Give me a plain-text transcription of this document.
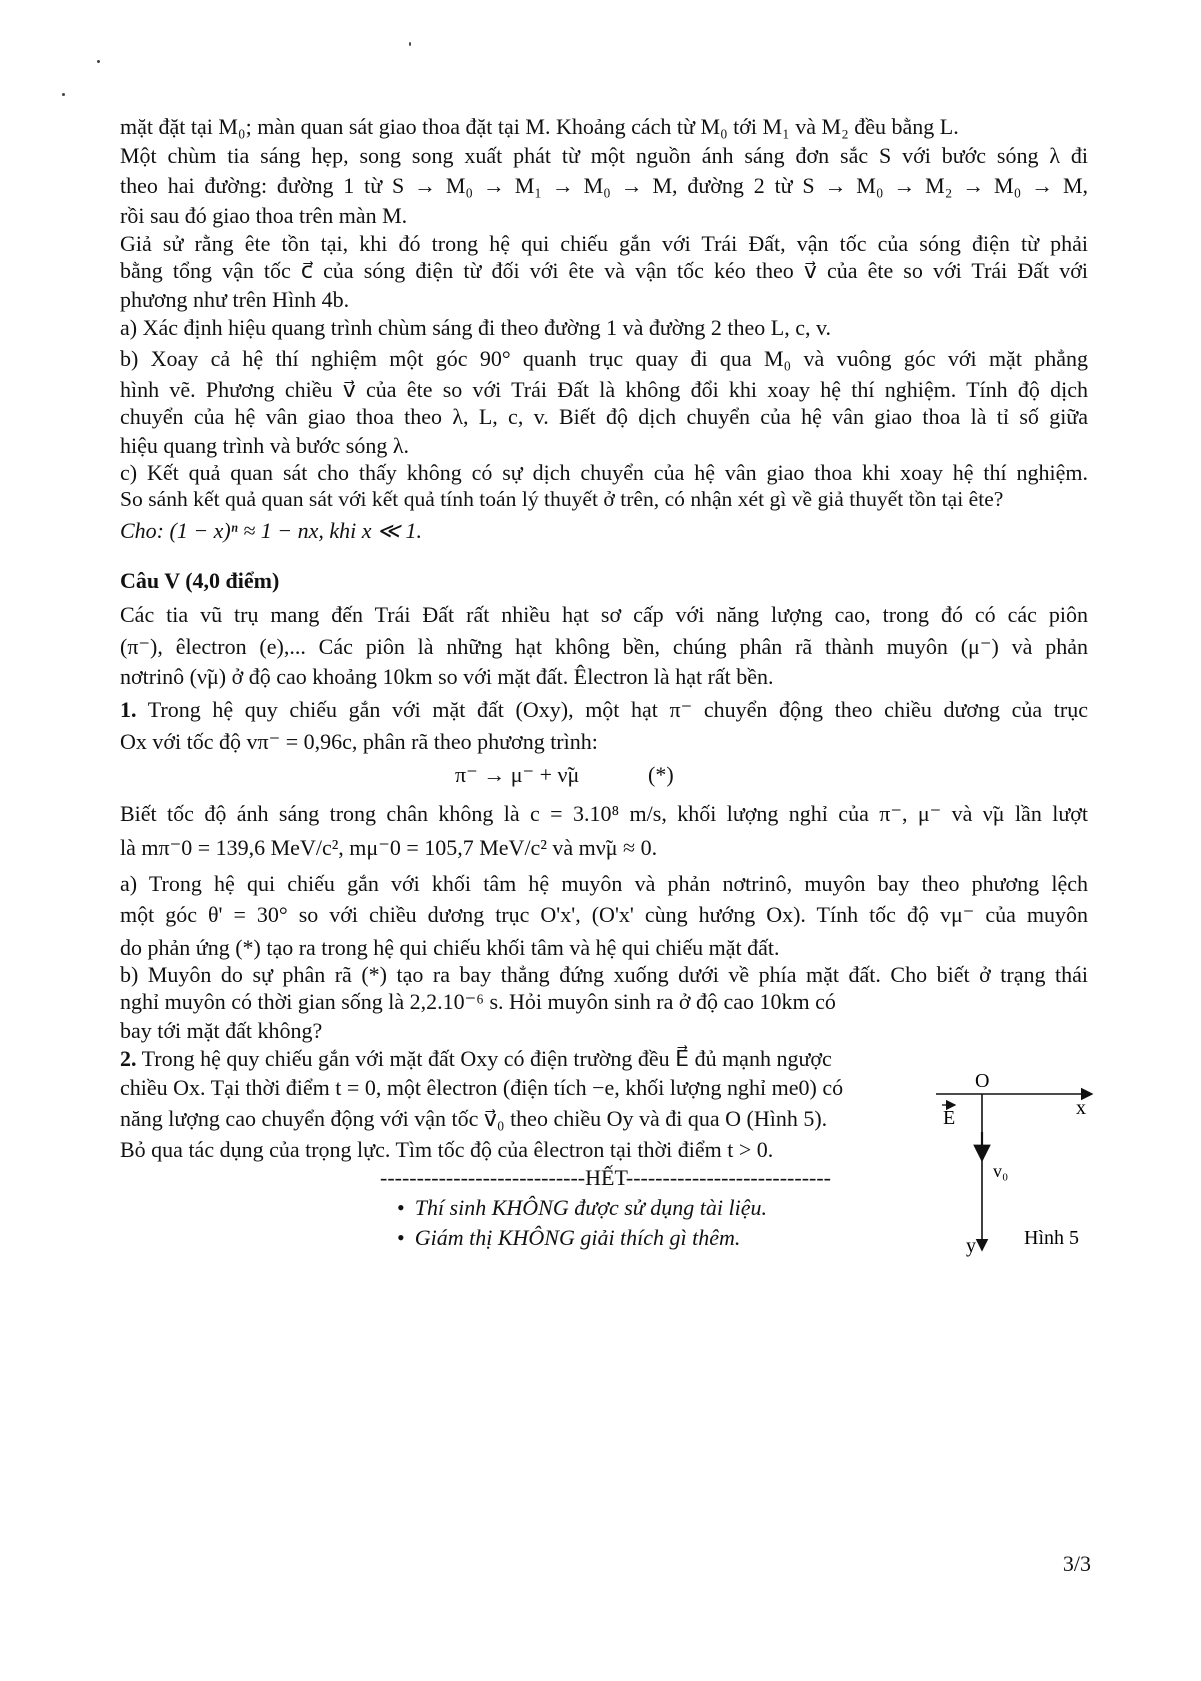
mặt đặt tại M₀; màn quan sát giao thoa đặt tại M. Khoảng cách từ M₀ tới M₁ và M₂ đều bằng L.
Một chùm tia sáng hẹp, song song xuất phát từ một nguồn ánh sáng đơn sắc S với bước sóng λ đi
theo hai đường: đường 1 từ S → M₀ → M₁ → M₀ → M, đường 2 từ S → M₀ → M₂ → M₀ → M,
rồi sau đó giao thoa trên màn M.
Giả sử rằng ête tồn tại, khi đó trong hệ qui chiếu gắn với Trái Đất, vận tốc của sóng điện từ phải
bằng tổng vận tốc c⃗ của sóng điện từ đối với ête và vận tốc kéo theo v⃗ của ête so với Trái Đất với
phương như trên Hình 4b.
a) Xác định hiệu quang trình chùm sáng đi theo đường 1 và đường 2 theo L, c, v.
b) Xoay cả hệ thí nghiệm một góc 90° quanh trục quay đi qua M₀ và vuông góc với mặt phẳng
hình vẽ. Phương chiều v⃗ của ête so với Trái Đất là không đổi khi xoay hệ thí nghiệm. Tính độ dịch
chuyển của hệ vân giao thoa theo λ, L, c, v. Biết độ dịch chuyển của hệ vân giao thoa là tỉ số giữa
hiệu quang trình và bước sóng λ.
c) Kết quả quan sát cho thấy không có sự dịch chuyển của hệ vân giao thoa khi xoay hệ thí nghiệm.
So sánh kết quả quan sát với kết quả tính toán lý thuyết ở trên, có nhận xét gì về giả thuyết tồn tại ête?
Cho: (1 − x)ⁿ ≈ 1 − nx, khi x ≪ 1.
Câu V (4,0 điểm)
Các tia vũ trụ mang đến Trái Đất rất nhiều hạt sơ cấp với năng lượng cao, trong đó có các piôn
(π⁻), êlectron (e),... Các piôn là những hạt không bền, chúng phân rã thành muyôn (μ⁻) và phản
nơtrinô (ν̃μ) ở độ cao khoảng 10km so với mặt đất. Êlectron là hạt rất bền.
1. Trong hệ quy chiếu gắn với mặt đất (Oxy), một hạt π⁻ chuyển động theo chiều dương của trục
Ox với tốc độ vπ⁻ = 0,96c, phân rã theo phương trình:
π⁻ → μ⁻ + ν̃μ	(*)
Biết tốc độ ánh sáng trong chân không là c = 3.10⁸ m/s, khối lượng nghỉ của π⁻, μ⁻ và ν̃μ lần lượt
là mπ⁻0 = 139,6 MeV/c², mμ⁻0 = 105,7 MeV/c² và mν̃μ ≈ 0.
a) Trong hệ qui chiếu gắn với khối tâm hệ muyôn và phản nơtrinô, muyôn bay theo phương lệch
một góc θ' = 30° so với chiều dương trục O'x', (O'x' cùng hướng Ox). Tính tốc độ vμ⁻ của muyôn
do phản ứng (*) tạo ra trong hệ qui chiếu khối tâm và hệ qui chiếu mặt đất.
b) Muyôn do sự phân rã (*) tạo ra bay thẳng đứng xuống dưới về phía mặt đất. Cho biết ở trạng thái
nghỉ muyôn có thời gian sống là 2,2.10⁻⁶ s. Hỏi muyôn sinh ra ở độ cao 10km có
bay tới mặt đất không?
2. Trong hệ quy chiếu gắn với mặt đất Oxy có điện trường đều E⃗ đủ mạnh ngược
chiều Ox. Tại thời điểm t = 0, một êlectron (điện tích −e, khối lượng nghỉ me0) có
năng lượng cao chuyển động với vận tốc v⃗₀ theo chiều Oy và đi qua O (Hình 5).
Bỏ qua tác dụng của trọng lực. Tìm tốc độ của êlectron tại thời điểm t > 0.
----------------------------HẾT----------------------------
• Thí sinh KHÔNG được sử dụng tài liệu.
• Giám thị KHÔNG giải thích gì thêm.
O
x
y
E
v₀
Hình 5
3/3
